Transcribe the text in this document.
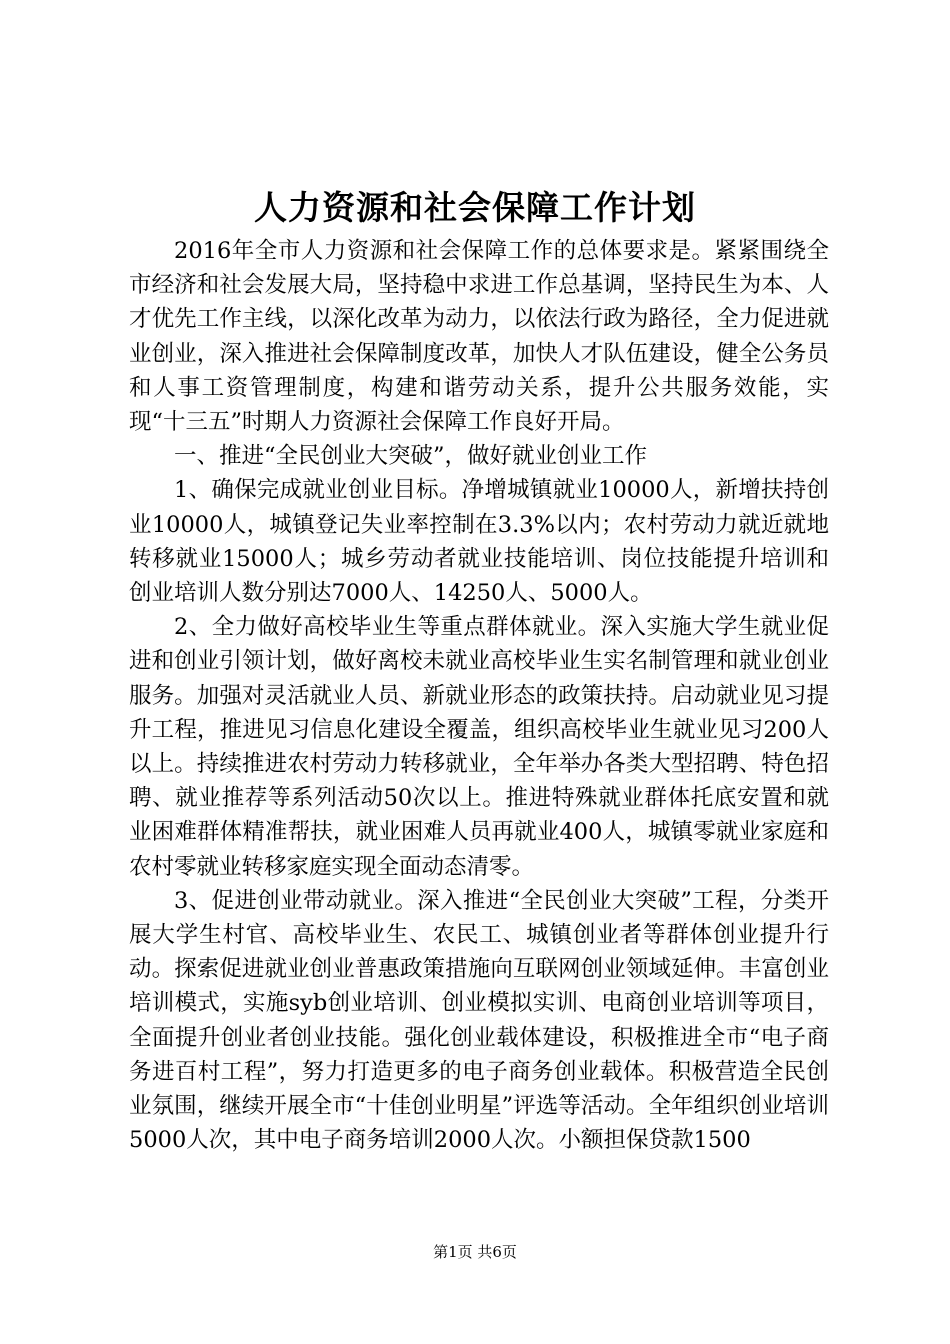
人力资源和社会保障工作计划

2016年全市人力资源和社会保障工作的总体要求是。紧紧围绕全市经济和社会发展大局，坚持稳中求进工作总基调，坚持民生为本、人才优先工作主线，以深化改革为动力，以依法行政为路径，全力促进就业创业，深入推进社会保障制度改革，加快人才队伍建设，健全公务员和人事工资管理制度，构建和谐劳动关系，提升公共服务效能，实现“十三五”时期人力资源社会保障工作良好开局。

一、推进“全民创业大突破”，做好就业创业工作

1、确保完成就业创业目标。净增城镇就业10000人，新增扶持创业10000人，城镇登记失业率控制在3.3%以内；农村劳动力就近就地转移就业15000人；城乡劳动者就业技能培训、岗位技能提升培训和创业培训人数分别达7000人、14250人、5000人。

2、全力做好高校毕业生等重点群体就业。深入实施大学生就业促进和创业引领计划，做好离校未就业高校毕业生实名制管理和就业创业服务。加强对灵活就业人员、新就业形态的政策扶持。启动就业见习提升工程，推进见习信息化建设全覆盖，组织高校毕业生就业见习200人以上。持续推进农村劳动力转移就业，全年举办各类大型招聘、特色招聘、就业推荐等系列活动50次以上。推进特殊就业群体托底安置和就业困难群体精准帮扶，就业困难人员再就业400人，城镇零就业家庭和农村零就业转移家庭实现全面动态清零。

3、促进创业带动就业。深入推进“全民创业大突破”工程，分类开展大学生村官、高校毕业生、农民工、城镇创业者等群体创业提升行动。探索促进就业创业普惠政策措施向互联网创业领域延伸。丰富创业培训模式，实施syb创业培训、创业模拟实训、电商创业培训等项目，全面提升创业者创业技能。强化创业载体建设，积极推进全市“电子商务进百村工程”，努力打造更多的电子商务创业载体。积极营造全民创业氛围，继续开展全市“十佳创业明星”评选等活动。全年组织创业培训5000人次，其中电子商务培训2000人次。小额担保贷款1500

第1页 共6页
